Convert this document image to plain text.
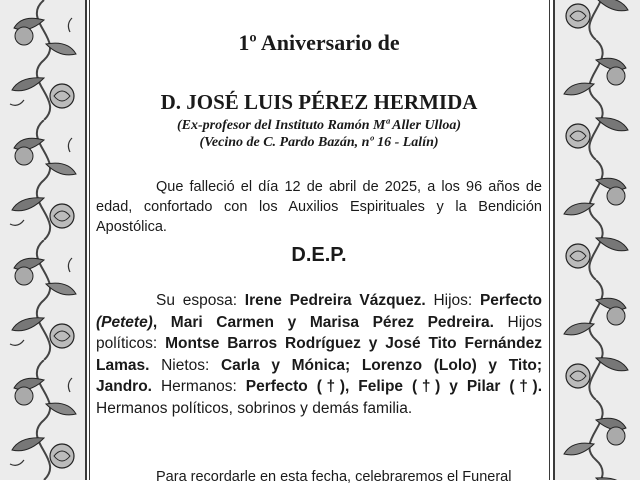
1º Aniversario de

D. JOSÉ LUIS PÉREZ HERMIDA

(Ex-profesor del Instituto Ramón Mª Aller Ulloa)

(Vecino de C. Pardo Bazán, nº 16 - Lalín)

Que falleció el día 12 de abril de 2025, a los 96 años de edad, confortado con los Auxilios Espirituales y la Bendición Apostólica.

D.E.P.

Su esposa: Irene Pedreira Vázquez. Hijos: Perfecto (Petete), Mari Carmen y Marisa Pérez Pedreira. Hijos políticos: Montse Barros Rodríguez y José Tito Fernández Lamas. Nietos: Carla y Mónica; Lorenzo (Lolo) y Tito; Jandro. Hermanos: Perfecto (†), Felipe (†) y Pilar (†). Hermanos políticos, sobrinos y demás familia.

Para recordarle en esta fecha, celebraremos el Funeral
